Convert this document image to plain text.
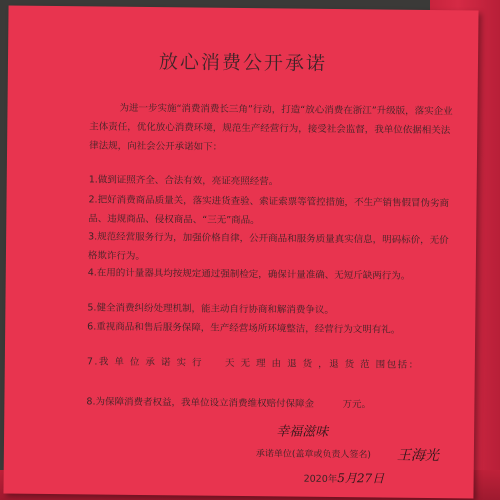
放心消费公开承诺
为进一步实施“消费消费长三角”行动，打造“放心消费在浙江”升级版，落实企业主体责任，优化放心消费环境，规范生产经营行为，接受社会监督，我单位依据相关法律法规，向社会公开承诺如下：
1.做到证照齐全、合法有效，亮证亮照经营。
2.把好消费商品质量关，落实进货查验、索证索票等管控措施，不生产销售假冒伪劣商品、违规商品、侵权商品、“三无”商品。
3.规范经营服务行为，加强价格自律，公开商品和服务质量真实信息，明码标价，无价格欺诈行为。
4.在用的计量器具均按规定通过强制检定，确保计量准确、无短斤缺两行为。
5.健全消费纠纷处理机制，能主动自行协商和解消费争议。
6.重视商品和售后服务保障，生产经营场所环境整洁，经营行为文明有礼。
7.我 单 位 承 诺 实 行　　天 无 理 由 退 货 ，退 货 范 围包括：
8.为保障消费者权益，我单位设立消费维权赔付保障金　　　万元。
幸福滋味
承诺单位(盖章或负责人签名) 王海光
2020年5月27日
